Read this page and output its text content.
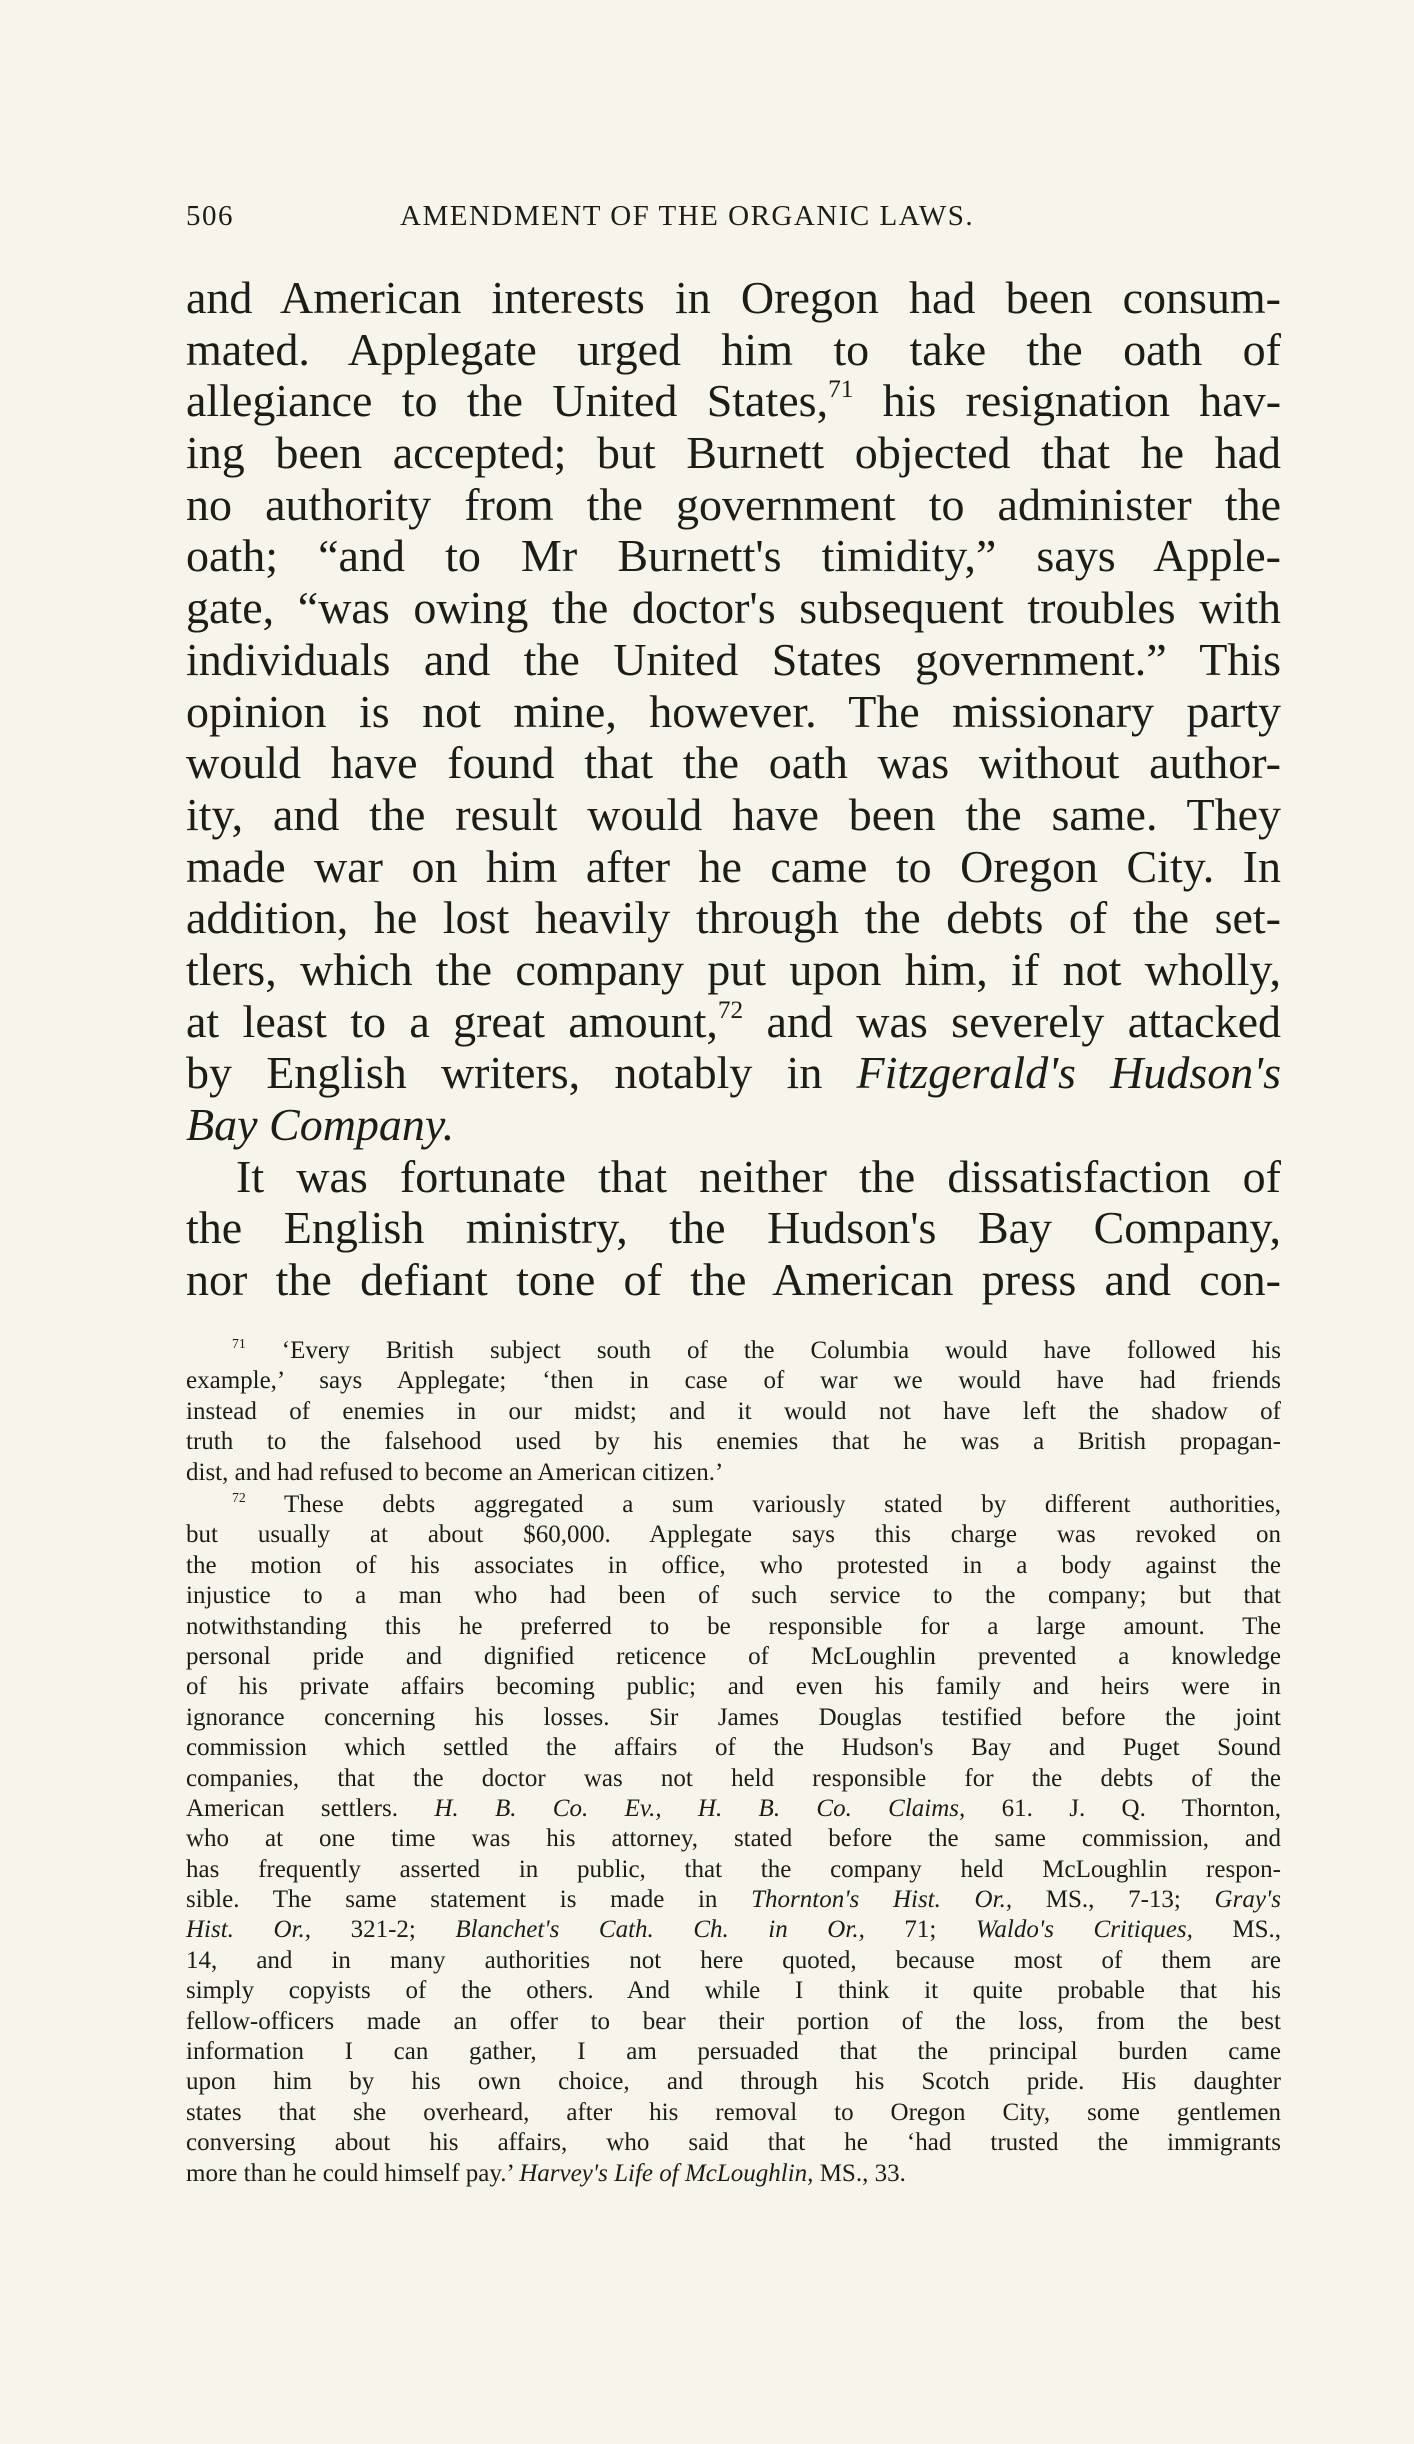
506	AMENDMENT OF THE ORGANIC LAWS.
and American interests in Oregon had been consum-
mated. Applegate urged him to take the oath of
allegiance to the United States,$^{71}$ his resignation hav-
ing been accepted; but Burnett objected that he had
no authority from the government to administer the
oath; “and to Mr Burnett's timidity,” says Apple-
gate, “was owing the doctor's subsequent troubles with
individuals and the United States government.” This
opinion is not mine, however. The missionary party
would have found that the oath was without author-
ity, and the result would have been the same. They
made war on him after he came to Oregon City. In
addition, he lost heavily through the debts of the set-
tlers, which the company put upon him, if not wholly,
at least to a great amount,$^{72}$ and was severely attacked
by English writers, notably in Fitzgerald's Hudson's
Bay Company.
It was fortunate that neither the dissatisfaction of
the English ministry, the Hudson's Bay Company,
nor the defiant tone of the American press and con-
$^{71}$ ‘Every British subject south of the Columbia would have followed his
example,’ says Applegate; ‘then in case of war we would have had friends
instead of enemies in our midst; and it would not have left the shadow of
truth to the falsehood used by his enemies that he was a British propagan-
dist, and had refused to become an American citizen.’
$^{72}$ These debts aggregated a sum variously stated by different authorities,
but usually at about $60,000. Applegate says this charge was revoked on
the motion of his associates in office, who protested in a body against the
injustice to a man who had been of such service to the company; but that
notwithstanding this he preferred to be responsible for a large amount. The
personal pride and dignified reticence of McLoughlin prevented a knowledge
of his private affairs becoming public; and even his family and heirs were in
ignorance concerning his losses. Sir James Douglas testified before the joint
commission which settled the affairs of the Hudson's Bay and Puget Sound
companies, that the doctor was not held responsible for the debts of the
American settlers. H. B. Co. Ev., H. B. Co. Claims, 61. J. Q. Thornton,
who at one time was his attorney, stated before the same commission, and
has frequently asserted in public, that the company held McLoughlin respon-
sible. The same statement is made in Thornton's Hist. Or., MS., 7-13; Gray's
Hist. Or., 321-2; Blanchet's Cath. Ch. in Or., 71; Waldo's Critiques, MS.,
14, and in many authorities not here quoted, because most of them are
simply copyists of the others. And while I think it quite probable that his
fellow-officers made an offer to bear their portion of the loss, from the best
information I can gather, I am persuaded that the principal burden came
upon him by his own choice, and through his Scotch pride. His daughter
states that she overheard, after his removal to Oregon City, some gentlemen
conversing about his affairs, who said that he ‘had trusted the immigrants
more than he could himself pay.’ Harvey's Life of McLoughlin, MS., 33.
